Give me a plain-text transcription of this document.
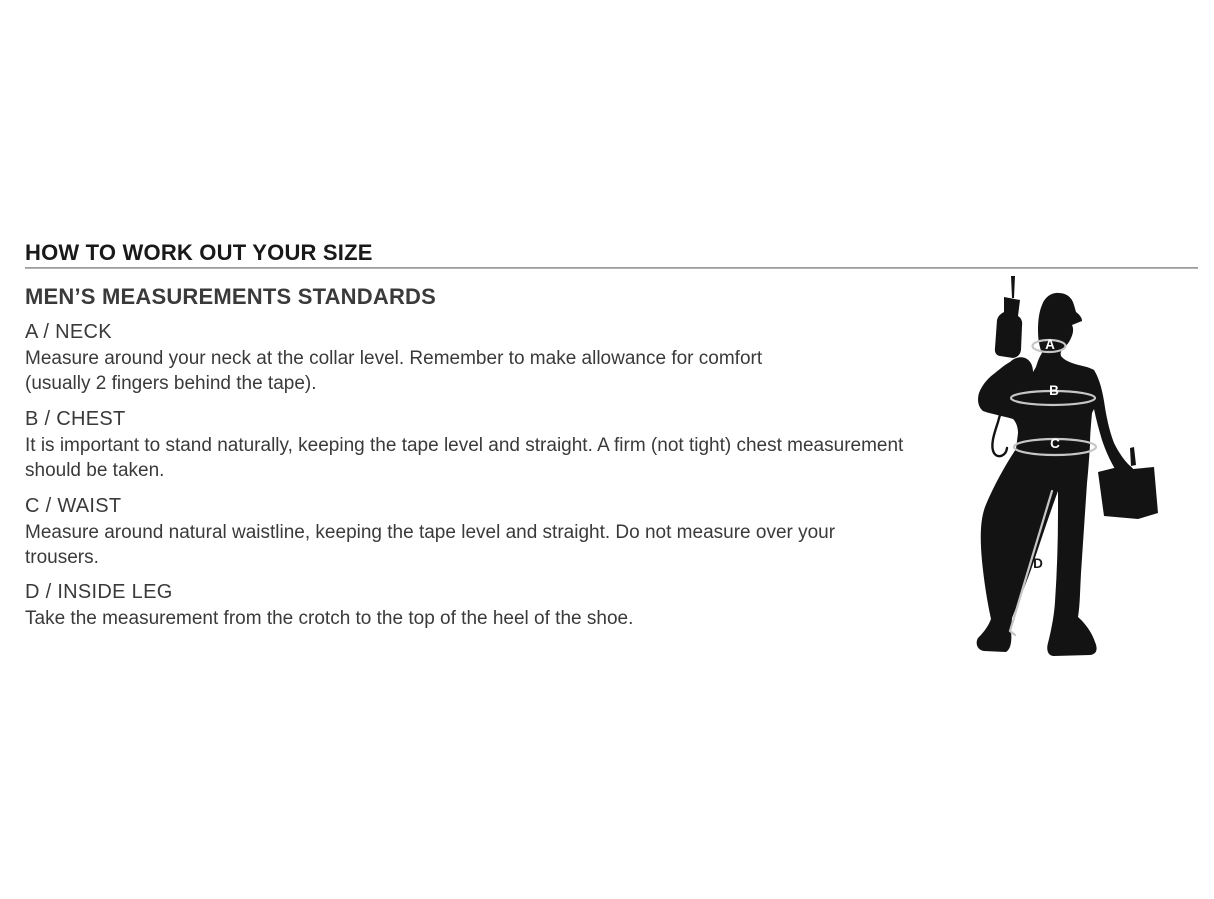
HOW TO WORK OUT YOUR SIZE
MEN’S MEASUREMENTS STANDARDS
A / NECK

Measure around your neck at the collar level. Remember to make allowance for comfort (usually 2 fingers behind the tape).

B / CHEST

It is important to stand naturally, keeping the tape level and straight. A firm (not tight) chest measurement should be taken.

C / WAIST

Measure around natural waistline, keeping the tape level and straight. Do not measure over your trousers.

D / INSIDE LEG

Take the measurement from the crotch to the top of the heel of the shoe.

A
B
C
D
